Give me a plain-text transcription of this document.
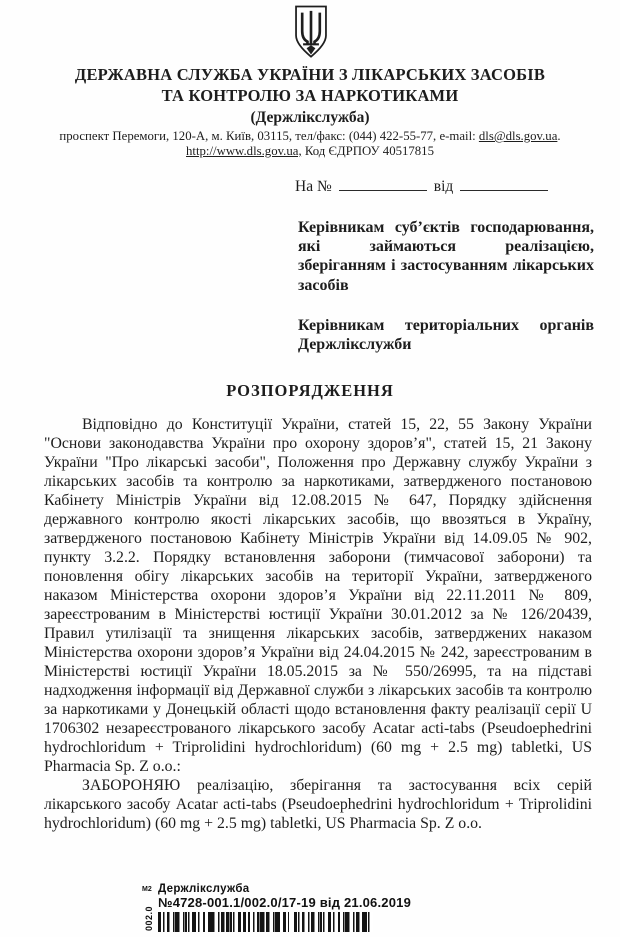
ДЕРЖАВНА СЛУЖБА УКРАЇНИ З ЛІКАРСЬКИХ ЗАСОБІВ
ТА КОНТРОЛЮ ЗА НАРКОТИКАМИ
(Держлікслужба)
проспект Перемоги, 120-А, м. Київ, 03115, тел/факс: (044) 422-55-77, e-mail: dls@dls.gov.ua.
http://www.dls.gov.ua, Код ЄДРПОУ 40517815
На №	від

Керівникам суб’єктів господарювання, які займаються реалізацією, зберіганням і застосуванням лікарських засобів

Керівникам територіальних органів Держлікслужби

РОЗПОРЯДЖЕННЯ

Відповідно до Конституції України, статей 15, 22, 55 Закону України "Основи законодавства України про охорону здоров’я", статей 15, 21 Закону України "Про лікарські засоби", Положення про Державну службу України з лікарських засобів та контролю за наркотиками, затвердженого постановою Кабінету Міністрів України від 12.08.2015 № 647, Порядку здійснення державного контролю якості лікарських засобів, що ввозяться в Україну, затвердженого постановою Кабінету Міністрів України від 14.09.05 № 902, пункту 3.2.2. Порядку встановлення заборони (тимчасової заборони) та поновлення обігу лікарських засобів на території України, затвердженого наказом Міністерства охорони здоров’я України від 22.11.2011 № 809, зареєстрованим в Міністерстві юстиції України 30.01.2012 за № 126/20439, Правил утилізації та знищення лікарських засобів, затверджених наказом Міністерства охорони здоров’я України від 24.04.2015 № 242, зареєстрованим в Міністерстві юстиції України 18.05.2015 за № 550/26995, та на підставі надходження інформації від Державної служби з лікарських засобів та контролю за наркотиками у Донецькій області щодо встановлення факту реалізації серії U 1706302 незареєстрованого лікарського засобу Acatar acti-tabs (Pseudoephedrini hydrochloridum + Triprolidini hydrochloridum) (60 mg + 2.5 mg) tabletki, US Pharmacia Sp. Z o.o.:

ЗАБОРОНЯЮ реалізацію, зберігання та застосування всіх серій лікарського засобу Acatar acti-tabs (Pseudoephedrini hydrochloridum + Triprolidini hydrochloridum) (60 mg + 2.5 mg) tabletki, US Pharmacia Sp. Z o.o.

М2
002.0
Держлікслужба
№4728-001.1/002.0/17-19 від 21.06.2019
